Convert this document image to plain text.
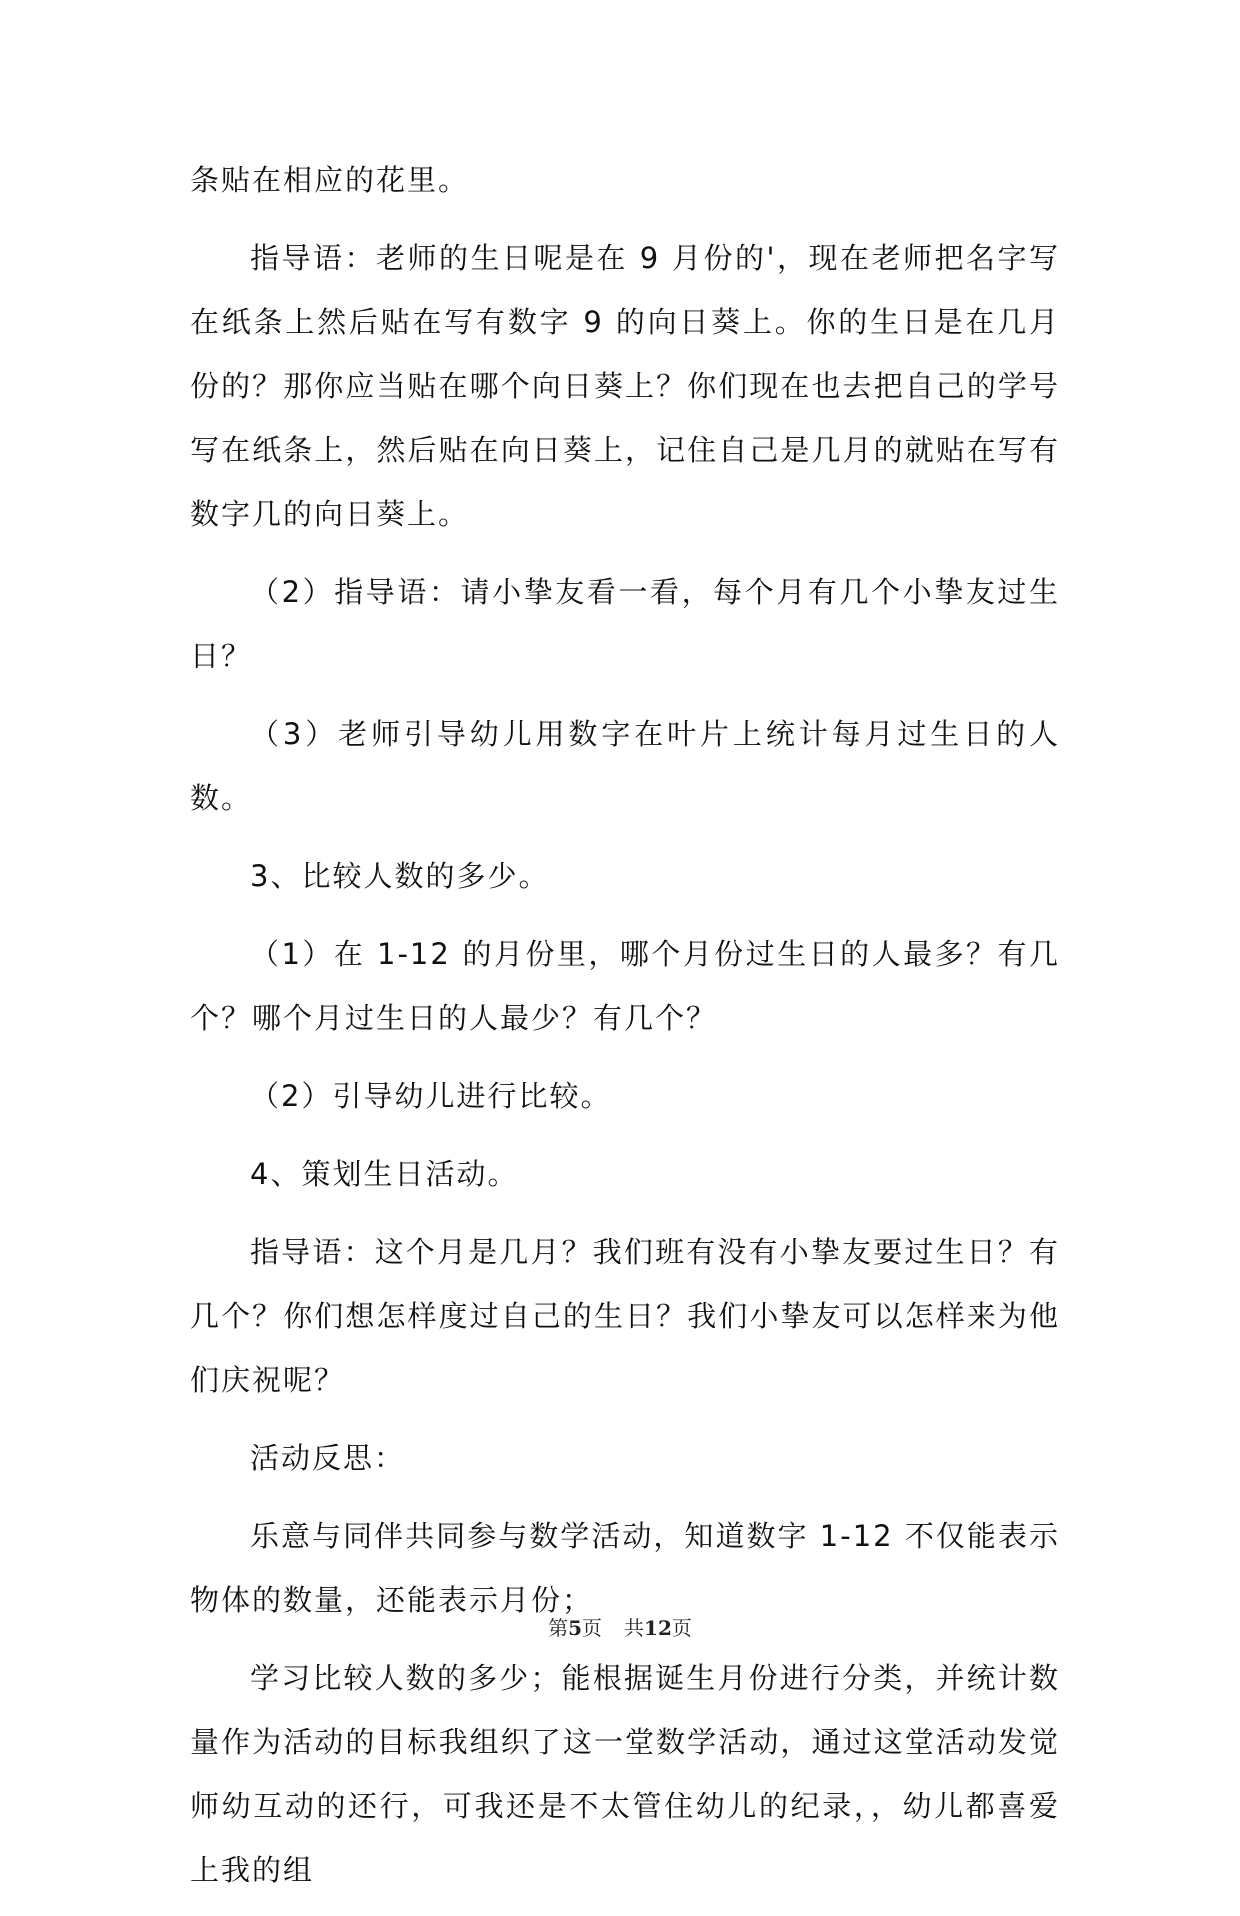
条贴在相应的花里。

指导语：老师的生日呢是在 9 月份的'，现在老师把名字写在纸条上然后贴在写有数字 9 的向日葵上。你的生日是在几月份的？那你应当贴在哪个向日葵上？你们现在也去把自己的学号写在纸条上，然后贴在向日葵上，记住自己是几月的就贴在写有数字几的向日葵上。

（2）指导语：请小挚友看一看，每个月有几个小挚友过生日？

（3）老师引导幼儿用数字在叶片上统计每月过生日的人数。

3、比较人数的多少。

（1）在 1-12 的月份里，哪个月份过生日的人最多？有几个？哪个月过生日的人最少？有几个？

（2）引导幼儿进行比较。

4、策划生日活动。

指导语：这个月是几月？我们班有没有小挚友要过生日？有几个？你们想怎样度过自己的生日？我们小挚友可以怎样来为他们庆祝呢？

活动反思：

乐意与同伴共同参与数学活动，知道数字 1-12 不仅能表示物体的数量，还能表示月份；

学习比较人数的多少；能根据诞生月份进行分类，并统计数量作为活动的目标我组织了这一堂数学活动，通过这堂活动发觉师幼互动的还行，可我还是不太管住幼儿的纪录，，幼儿都喜爱上我的组

第5页 共12页
